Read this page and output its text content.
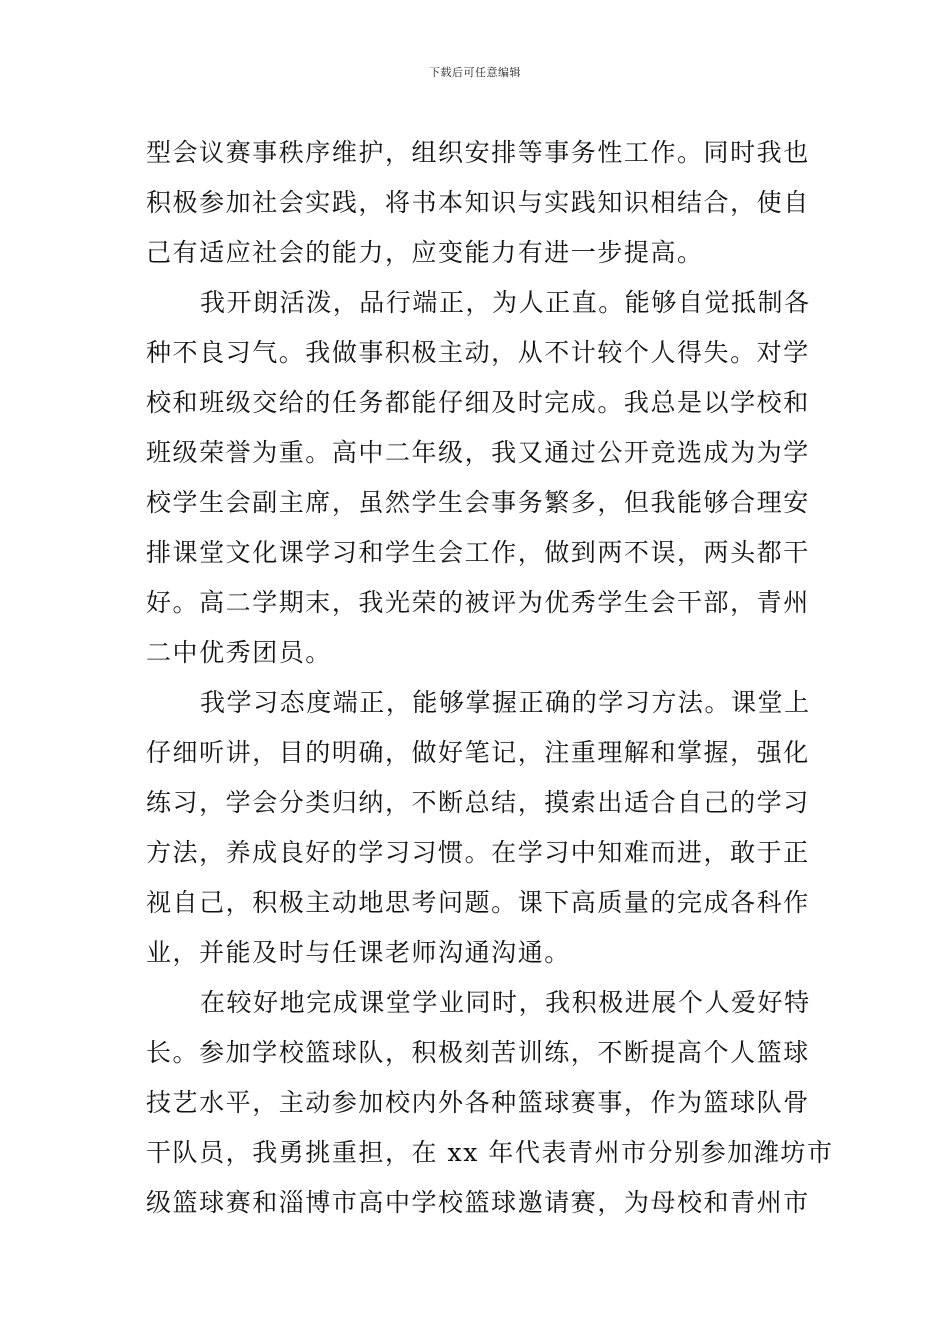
下载后可任意编辑
型会议赛事秩序维护，组织安排等事务性工作。同时我也
积极参加社会实践，将书本知识与实践知识相结合，使自
己有适应社会的能力，应变能力有进一步提高。
我开朗活泼，品行端正，为人正直。能够自觉抵制各
种不良习气。我做事积极主动，从不计较个人得失。对学
校和班级交给的任务都能仔细及时完成。我总是以学校和
班级荣誉为重。高中二年级，我又通过公开竞选成为为学
校学生会副主席，虽然学生会事务繁多，但我能够合理安
排课堂文化课学习和学生会工作，做到两不误，两头都干
好。高二学期末，我光荣的被评为优秀学生会干部，青州
二中优秀团员。
我学习态度端正，能够掌握正确的学习方法。课堂上
仔细听讲，目的明确，做好笔记，注重理解和掌握，强化
练习，学会分类归纳，不断总结，摸索出适合自己的学习
方法，养成良好的学习习惯。在学习中知难而进，敢于正
视自己，积极主动地思考问题。课下高质量的完成各科作
业，并能及时与任课老师沟通沟通。
在较好地完成课堂学业同时，我积极进展个人爱好特
长。参加学校篮球队，积极刻苦训练，不断提高个人篮球
技艺水平，主动参加校内外各种篮球赛事，作为篮球队骨
干队员，我勇挑重担，在 xx 年代表青州市分别参加潍坊市
级篮球赛和淄博市高中学校篮球邀请赛，为母校和青州市
